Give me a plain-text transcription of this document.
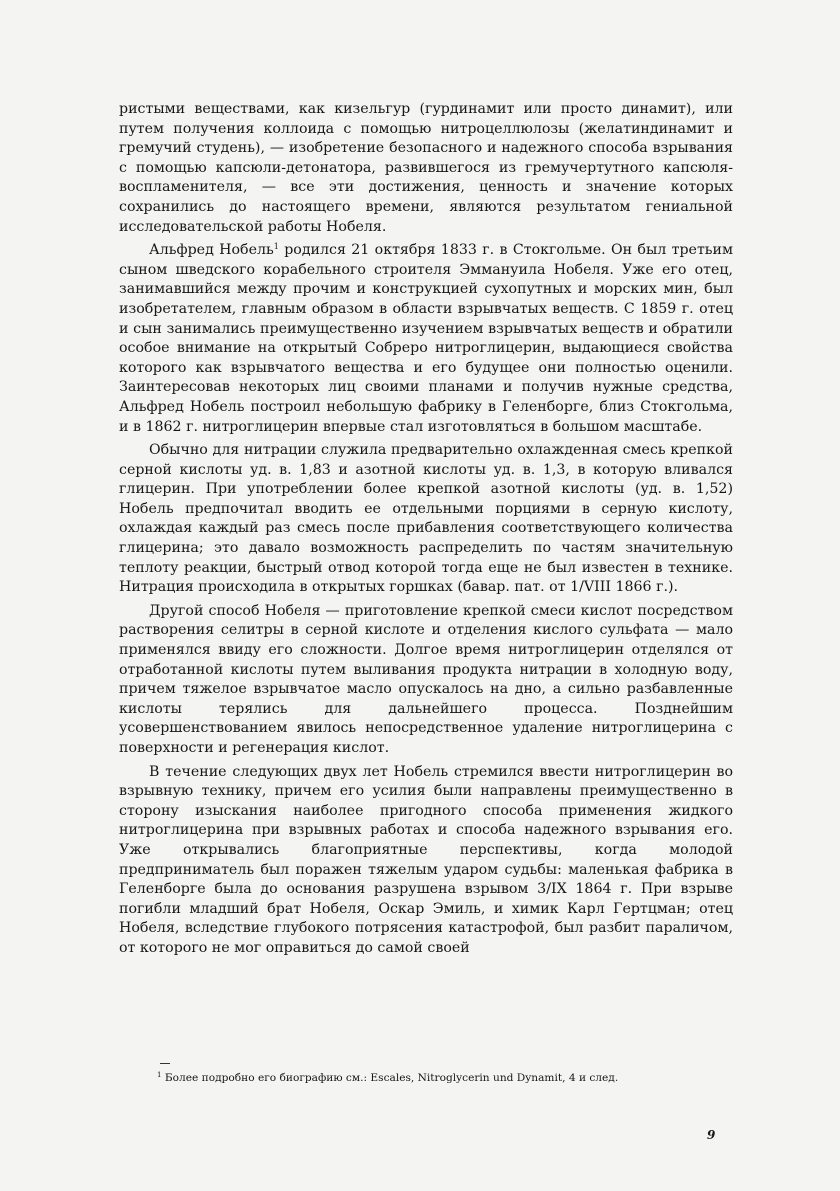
ристыми веществами, как кизельгур (гурдинамит или просто динамит), или путем получения коллоида с помощью нитроцеллюлозы (желатиндинамит и гремучий студень), — изобретение безопасного и надежного способа взрывания с помощью капсюли-детонатора, развившегося из гремучертутного капсюля-воспламенителя, — все эти достижения, ценность и значение которых сохранились до настоящего времени, являются результатом гениальной исследовательской работы Нобеля.

Альфред Нобель$^1$ родился 21 октября 1833 г. в Стокгольме. Он был третьим сыном шведского корабельного строителя Эммануила Нобеля. Уже его отец, занимавшийся между прочим и конструкцией сухопутных и морских мин, был изобретателем, главным образом в области взрывчатых веществ. С 1859 г. отец и сын занимались преимущественно изучением взрывчатых веществ и обратили особое внимание на открытый Собреро нитроглицерин, выдающиеся свойства которого как взрывчатого вещества и его будущее они полностью оценили. Заинтересовав некоторых лиц своими планами и получив нужные средства, Альфред Нобель построил небольшую фабрику в Геленборге, близ Стокгольма, и в 1862 г. нитроглицерин впервые стал изготовляться в большом масштабе.

Обычно для нитрации служила предварительно охлажденная смесь крепкой серной кислоты уд. в. 1,83 и азотной кислоты уд. в. 1,3, в которую вливался глицерин. При употреблении более крепкой азотной кислоты (уд. в. 1,52) Нобель предпочитал вводить ее отдельными порциями в серную кислоту, охлаждая каждый раз смесь после прибавления соответствующего количества глицерина; это давало возможность распределить по частям значительную теплоту реакции, быстрый отвод которой тогда еще не был известен в технике. Нитрация происходила в открытых горшках (бавар. пат. от 1/VIII 1866 г.).

Другой способ Нобеля — приготовление крепкой смеси кислот посредством растворения селитры в серной кислоте и отделения кислого сульфата — мало применялся ввиду его сложности. Долгое время нитроглицерин отделялся от отработанной кислоты путем выливания продукта нитрации в холодную воду, причем тяжелое взрывчатое масло опускалось на дно, а сильно разбавленные кислоты терялись для дальнейшего процесса. Позднейшим усовершенствованием явилось непосредственное удаление нитроглицерина с поверхности и регенерация кислот.

В течение следующих двух лет Нобель стремился ввести нитроглицерин во взрывную технику, причем его усилия были направлены преимущественно в сторону изыскания наиболее пригодного способа применения жидкого нитроглицерина при взрывных работах и способа надежного взрывания его. Уже открывались благоприятные перспективы, когда молодой предприниматель был поражен тяжелым ударом судьбы: маленькая фабрика в Геленборге была до основания разрушена взрывом 3/IX 1864 г. При взрыве погибли младший брат Нобеля, Оскар Эмиль, и химик Карл Гертцман; отец Нобеля, вследствие глубокого потрясения катастрофой, был разбит параличом, от которого не мог оправиться до самой своей

$^1$ Более подробно его биографию см.: Escales, Nitroglycerin und Dynamit, 4 и след.
9
